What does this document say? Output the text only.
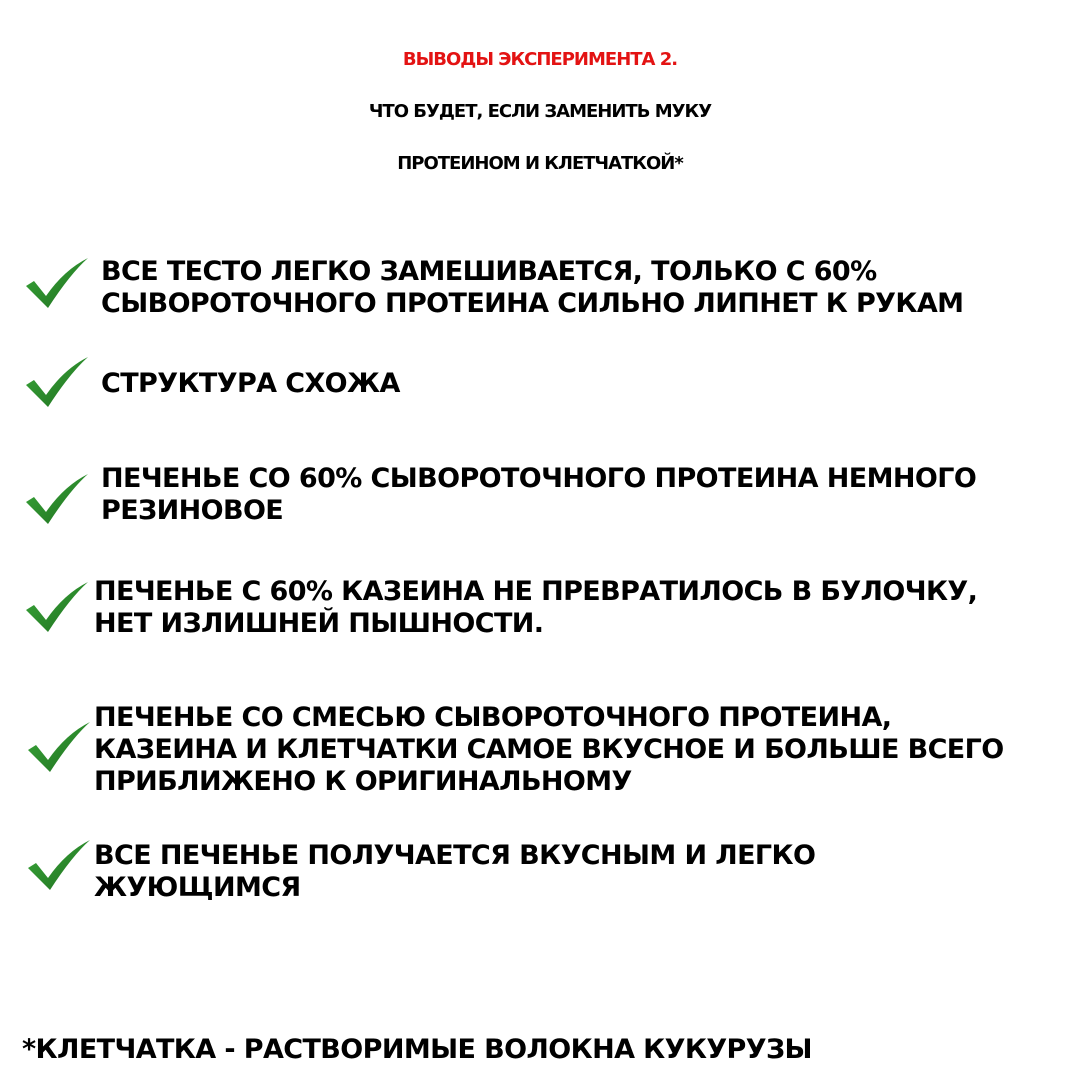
ВЫВОДЫ ЭКСПЕРИМЕНТА 2.
ЧТО БУДЕТ, ЕСЛИ ЗАМЕНИТЬ МУКУ
ПРОТЕИНОМ И КЛЕТЧАТКОЙ*

ВСЕ ТЕСТО ЛЕГКО ЗАМЕШИВАЕТСЯ, ТОЛЬКО С 60%
СЫВОРОТОЧНОГО ПРОТЕИНА СИЛЬНО ЛИПНЕТ К РУКАМ

СТРУКТУРА СХОЖА

ПЕЧЕНЬЕ СО 60% СЫВОРОТОЧНОГО ПРОТЕИНА НЕМНОГО
РЕЗИНОВОЕ

ПЕЧЕНЬЕ С 60% КАЗЕИНА НЕ ПРЕВРАТИЛОСЬ В БУЛОЧКУ,
НЕТ ИЗЛИШНЕЙ ПЫШНОСТИ.

ПЕЧЕНЬЕ СО СМЕСЬЮ СЫВОРОТОЧНОГО ПРОТЕИНА,
КАЗЕИНА И КЛЕТЧАТКИ САМОЕ ВКУСНОЕ И БОЛЬШЕ ВСЕГО
ПРИБЛИЖЕНО К ОРИГИНАЛЬНОМУ

ВСЕ ПЕЧЕНЬЕ ПОЛУЧАЕТСЯ ВКУСНЫМ И ЛЕГКО
ЖУЮЩИМСЯ

*КЛЕТЧАТКА - РАСТВОРИМЫЕ ВОЛОКНА КУКУРУЗЫ
